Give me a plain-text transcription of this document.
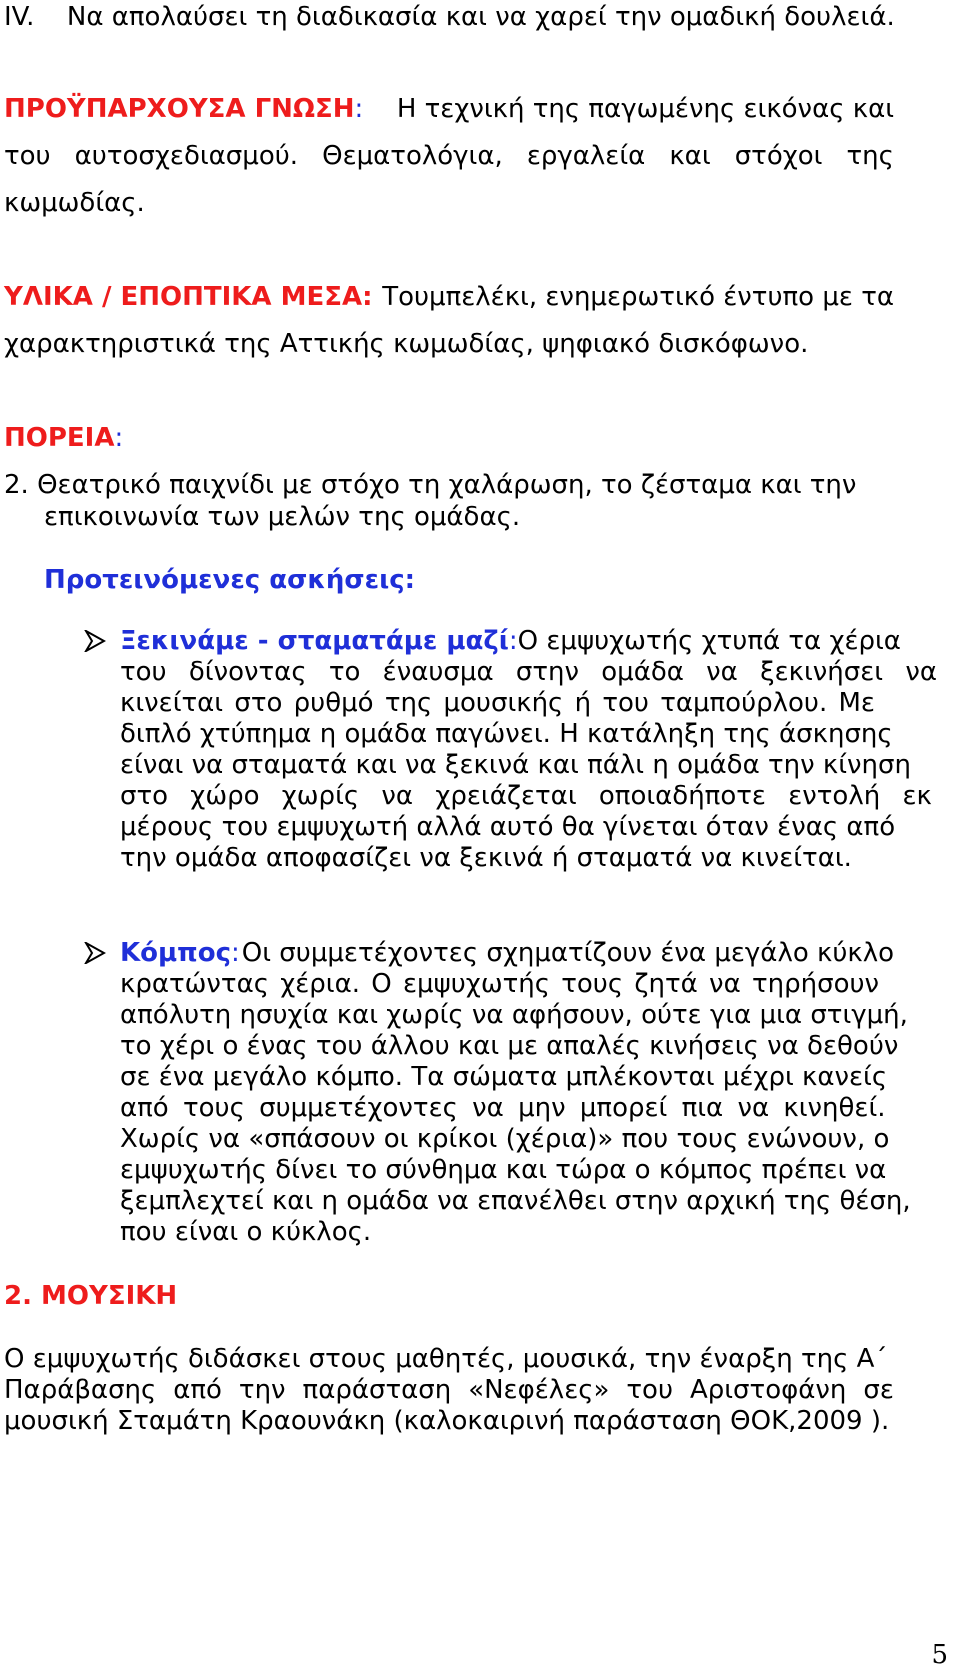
IV. Να απολαύσει τη διαδικασία και να χαρεί την ομαδική δουλειά.
ΠΡΟΫΠΑΡΧΟΥΣΑ ΓΝΩΣΗ: Η τεχνική της παγωμένης εικόνας και
του αυτοσχεδιασμού. Θεματολόγια, εργαλεία και στόχοι της
κωμωδίας.
ΥΛΙΚΑ / ΕΠΟΠΤΙΚΑ ΜΕΣΑ: Τουμπελέκι, ενημερωτικό έντυπο με τα
χαρακτηριστικά της Αττικής κωμωδίας, ψηφιακό δισκόφωνο.
ΠΟΡΕΙΑ:
2. Θεατρικό παιχνίδι με στόχο τη χαλάρωση, το ζέσταμα και την
επικοινωνία των μελών της ομάδας.
Προτεινόμενες ασκήσεις:
Ξεκινάμε - σταματάμε μαζί: Ο εμψυχωτής χτυπά τα χέρια
του δίνοντας το έναυσμα στην ομάδα να ξεκινήσει να
κινείται στο ρυθμό της μουσικής ή του ταμπούρλου. Με
διπλό χτύπημα η ομάδα παγώνει. Η κατάληξη της άσκησης
είναι να σταματά και να ξεκινά και πάλι η ομάδα την κίνηση
στο χώρο χωρίς να χρειάζεται οποιαδήποτε εντολή εκ
μέρους του εμψυχωτή αλλά αυτό θα γίνεται όταν ένας από
την ομάδα αποφασίζει να ξεκινά ή σταματά να κινείται.
Κόμπος: Οι συμμετέχοντες σχηματίζουν ένα μεγάλο κύκλο
κρατώντας χέρια. Ο εμψυχωτής τους ζητά να τηρήσουν
απόλυτη ησυχία και χωρίς να αφήσουν, ούτε για μια στιγμή,
το χέρι ο ένας του άλλου και με απαλές κινήσεις να δεθούν
σε ένα μεγάλο κόμπο. Τα σώματα μπλέκονται μέχρι κανείς
από τους συμμετέχοντες να μην μπορεί πια να κινηθεί.
Χωρίς να «σπάσουν οι κρίκοι (χέρια)» που τους ενώνουν, ο
εμψυχωτής δίνει το σύνθημα και τώρα ο κόμπος πρέπει να
ξεμπλεχτεί και η ομάδα να επανέλθει στην αρχική της θέση,
που είναι ο κύκλος.
2. ΜΟΥΣΙΚΗ
Ο εμψυχωτής διδάσκει στους μαθητές, μουσικά, την έναρξη της Α΄
Παράβασης από την παράσταση «Νεφέλες» του Αριστοφάνη σε
μουσική Σταμάτη Κραουνάκη (καλοκαιρινή παράσταση ΘΟΚ,2009 ).
5
